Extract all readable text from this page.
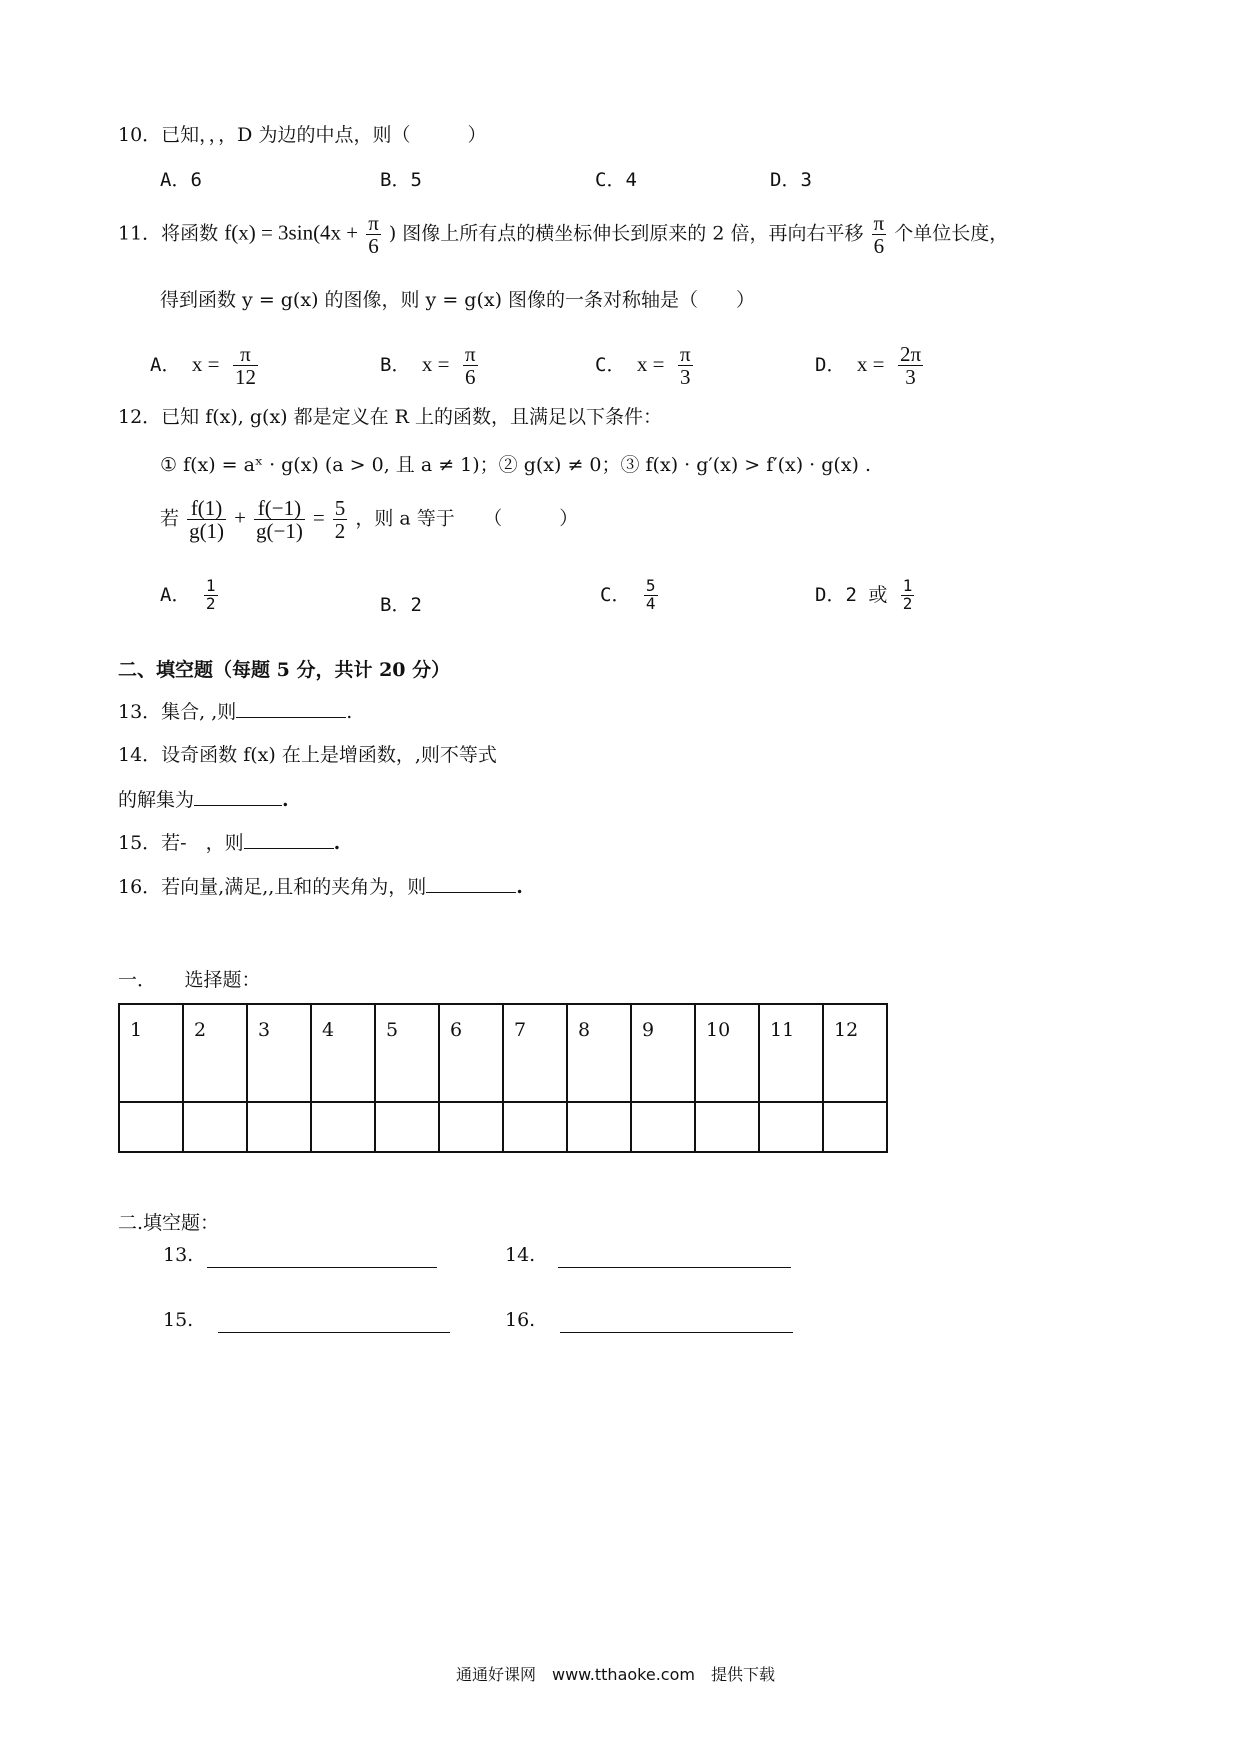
10．已知，，，D 为边的中点，则（　　　）
A．6	B．5	C．4	D．3
11．将函数 $f(x) = 3\sin(4x + \frac{\pi}{6}$ ) 图像上所有点的横坐标伸长到原来的 2 倍，再向右平移 $\frac{\pi}{6}$ 个单位长度，
得到函数 y = g(x) 的图像，则 y = g(x) 图像的一条对称轴是（　　）
A． $x = \frac{\pi}{12}$	B． $x = \frac{\pi}{6}$	C． $x = \frac{\pi}{3}$	D． $x = \frac{2\pi}{3}$
12．已知 f(x), g(x) 都是定义在 R 上的函数，且满足以下条件：
① f(x) = aˣ · g(x) (a > 0, 且 a ≠ 1)；② g(x) ≠ 0；③ f(x) · g′(x) > f′(x) · g(x) .
若 $\frac{f(1)}{g(1)} + \frac{f(-1)}{g(-1)} = \frac{5}{2}$ ，则 a 等于　　（　　　）
A． $\frac{1}{2}$	B．2	C． $\frac{5}{4}$	D．2 或 $\frac{1}{2}$
二、填空题（每题 5 分，共计 20 分）
13．集合, ,则	.
14．设奇函数 f(x) 在上是增函数，,则不等式
的解集为	.
15．若-　，则	.
16．若向量,满足,,且和的夹角为，则	.
一．　　选择题：
1	2	3	4	5	6	7	8	9	10	11	12

二.填空题：
13.	14.
15.	16.
通通好课网　www.tthaoke.com　提供下载
